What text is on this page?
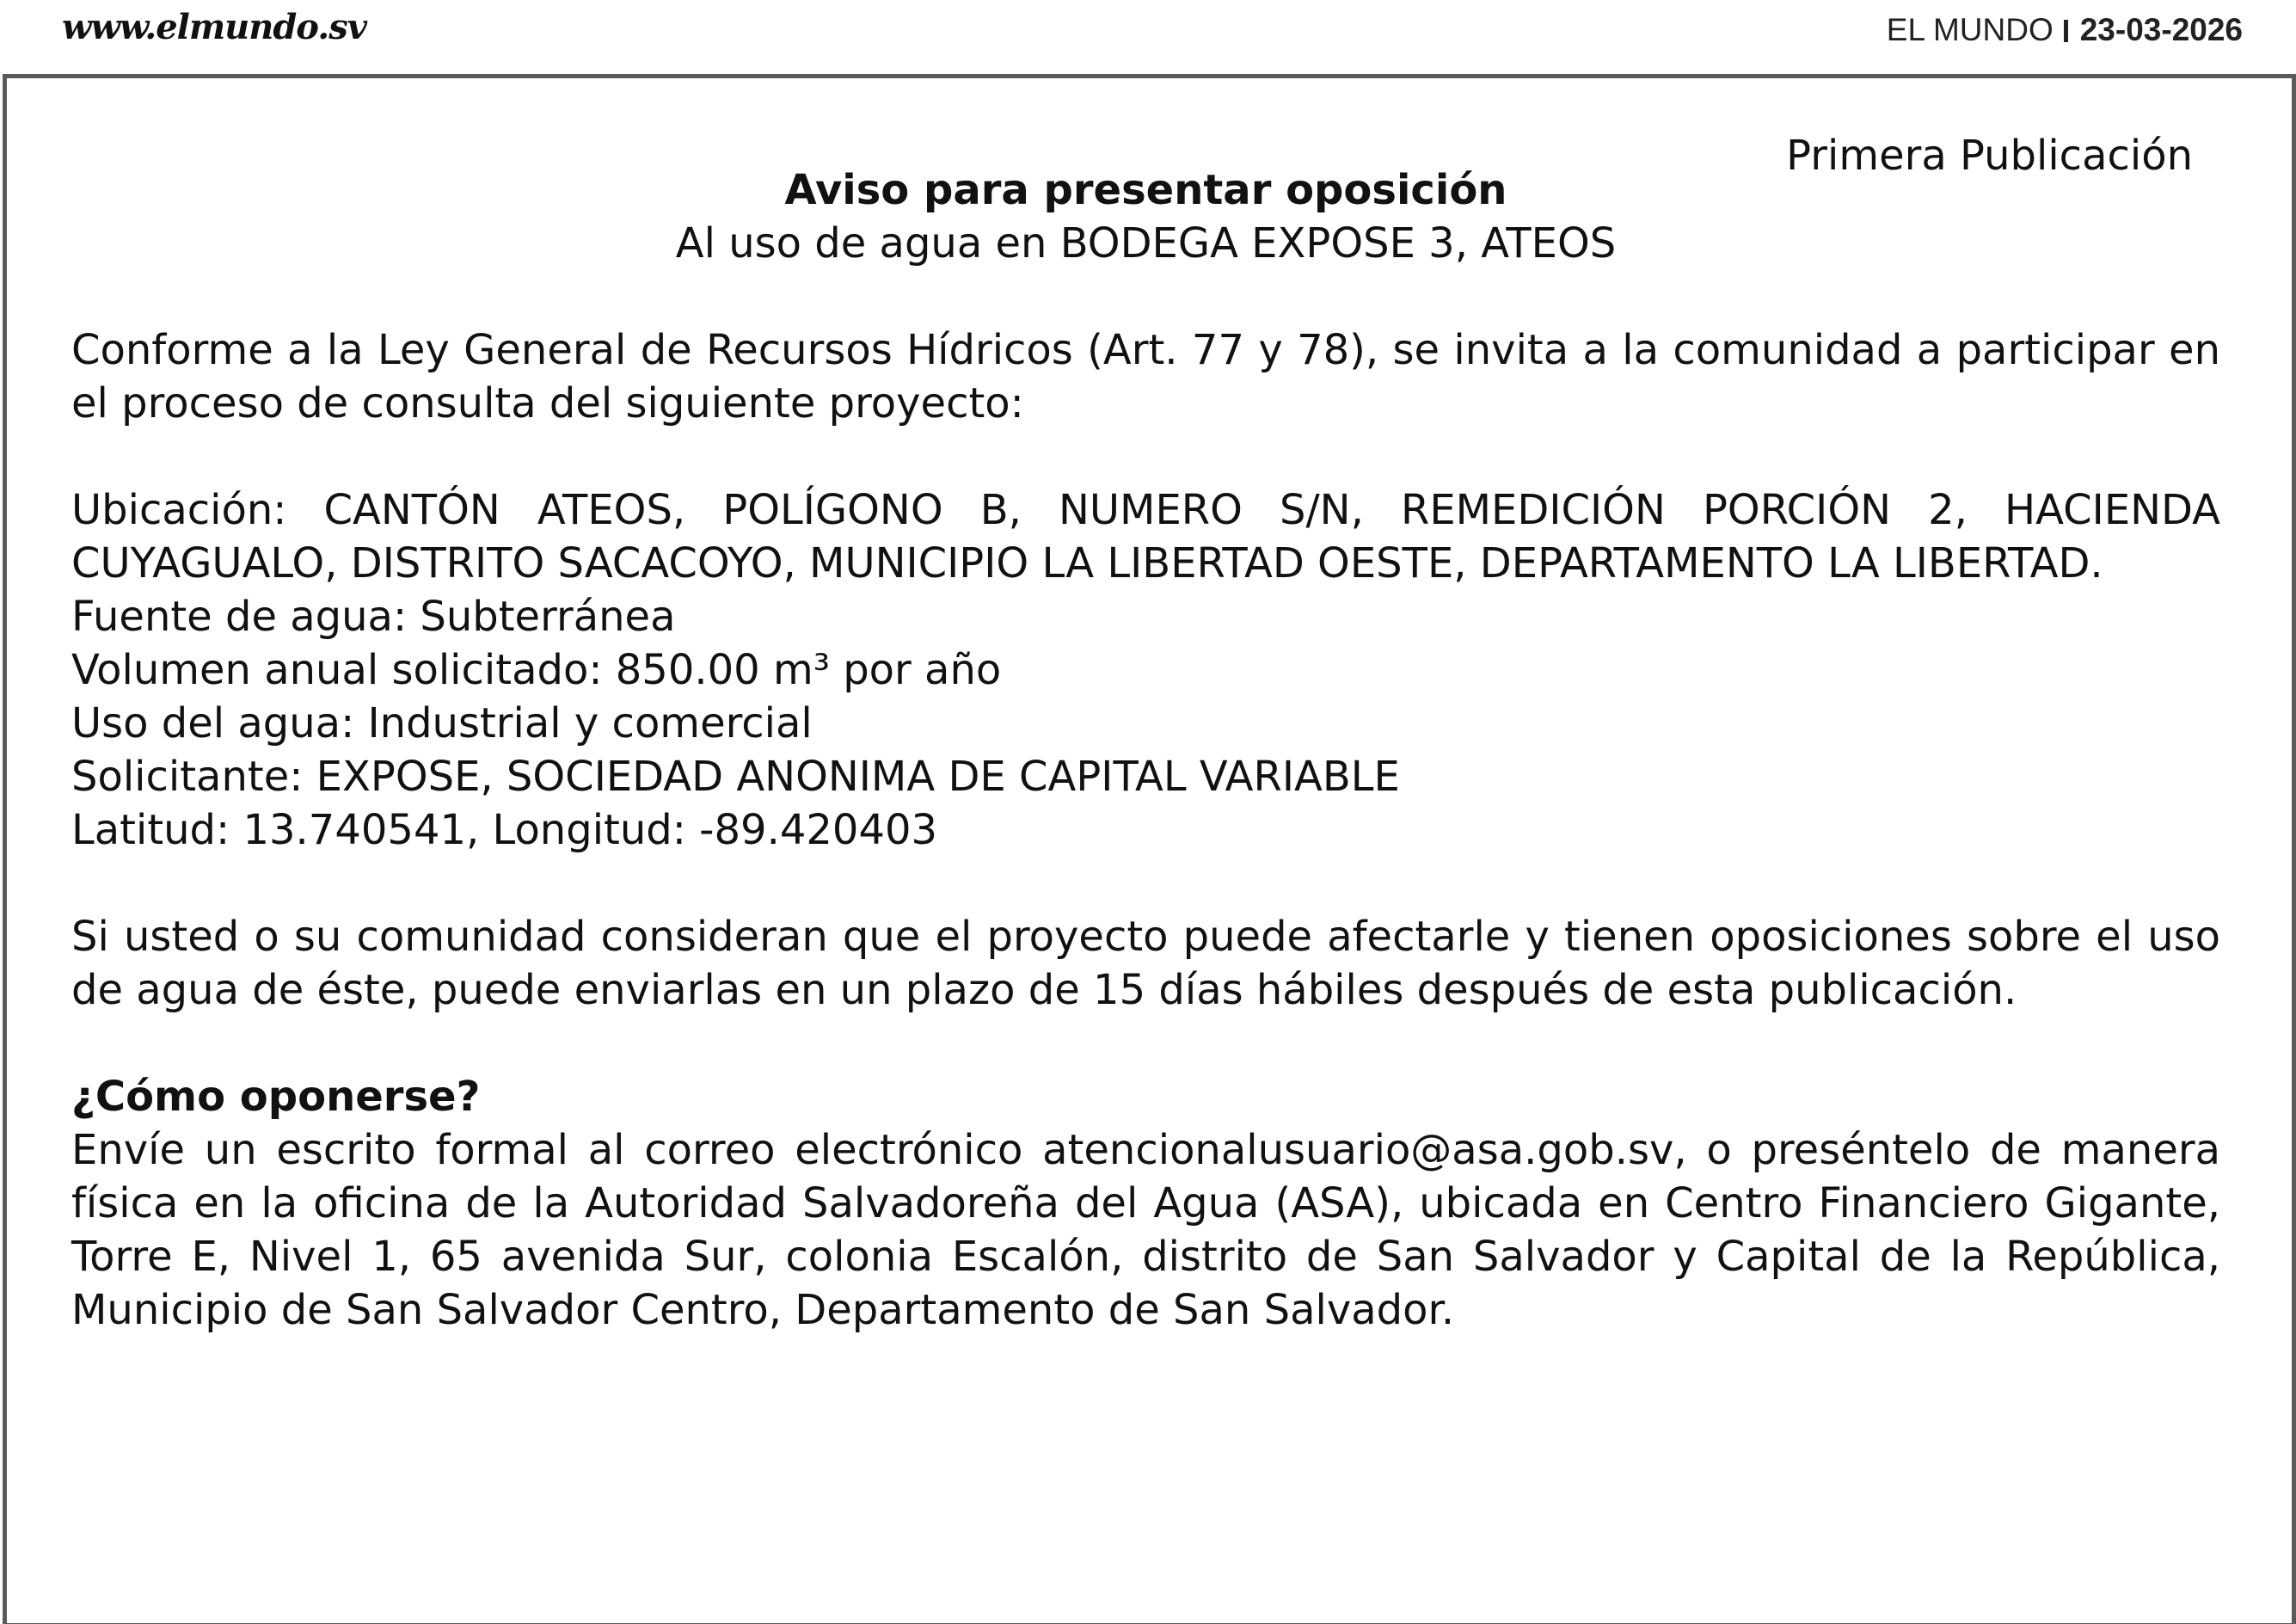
www.elmundo.sv	EL MUNDO 23-03-2026
Primera Publicación

Aviso para presentar oposición

Al uso de agua en BODEGA EXPOSE 3, ATEOS

Conforme a la Ley General de Recursos Hídricos (Art. 77 y 78), se invita a la comunidad a participar en el proceso de consulta del siguiente proyecto:

Ubicación: CANTÓN ATEOS, POLÍGONO B, NUMERO S/N, REMEDICIÓN PORCIÓN 2, HACIENDA CUYAGUALO, DISTRITO SACACOYO, MUNICIPIO LA LIBERTAD OESTE, DEPARTAMENTO LA LIBERTAD.

Fuente de agua: Subterránea

Volumen anual solicitado: 850.00 m³ por año

Uso del agua: Industrial y comercial

Solicitante: EXPOSE, SOCIEDAD ANONIMA DE CAPITAL VARIABLE

Latitud: 13.740541, Longitud: -89.420403

Si usted o su comunidad consideran que el proyecto puede afectarle y tienen oposiciones sobre el uso de agua de éste, puede enviarlas en un plazo de 15 días hábiles después de esta publicación.

¿Cómo oponerse?

Envíe un escrito formal al correo electrónico atencionalusuario@asa.gob.sv, o preséntelo de manera física en la oficina de la Autoridad Salvadoreña del Agua (ASA), ubicada en Centro Financiero Gigante, Torre E, Nivel 1, 65 avenida Sur, colonia Escalón, distrito de San Salvador y Capital de la República, Municipio de San Salvador Centro, Departamento de San Salvador.
